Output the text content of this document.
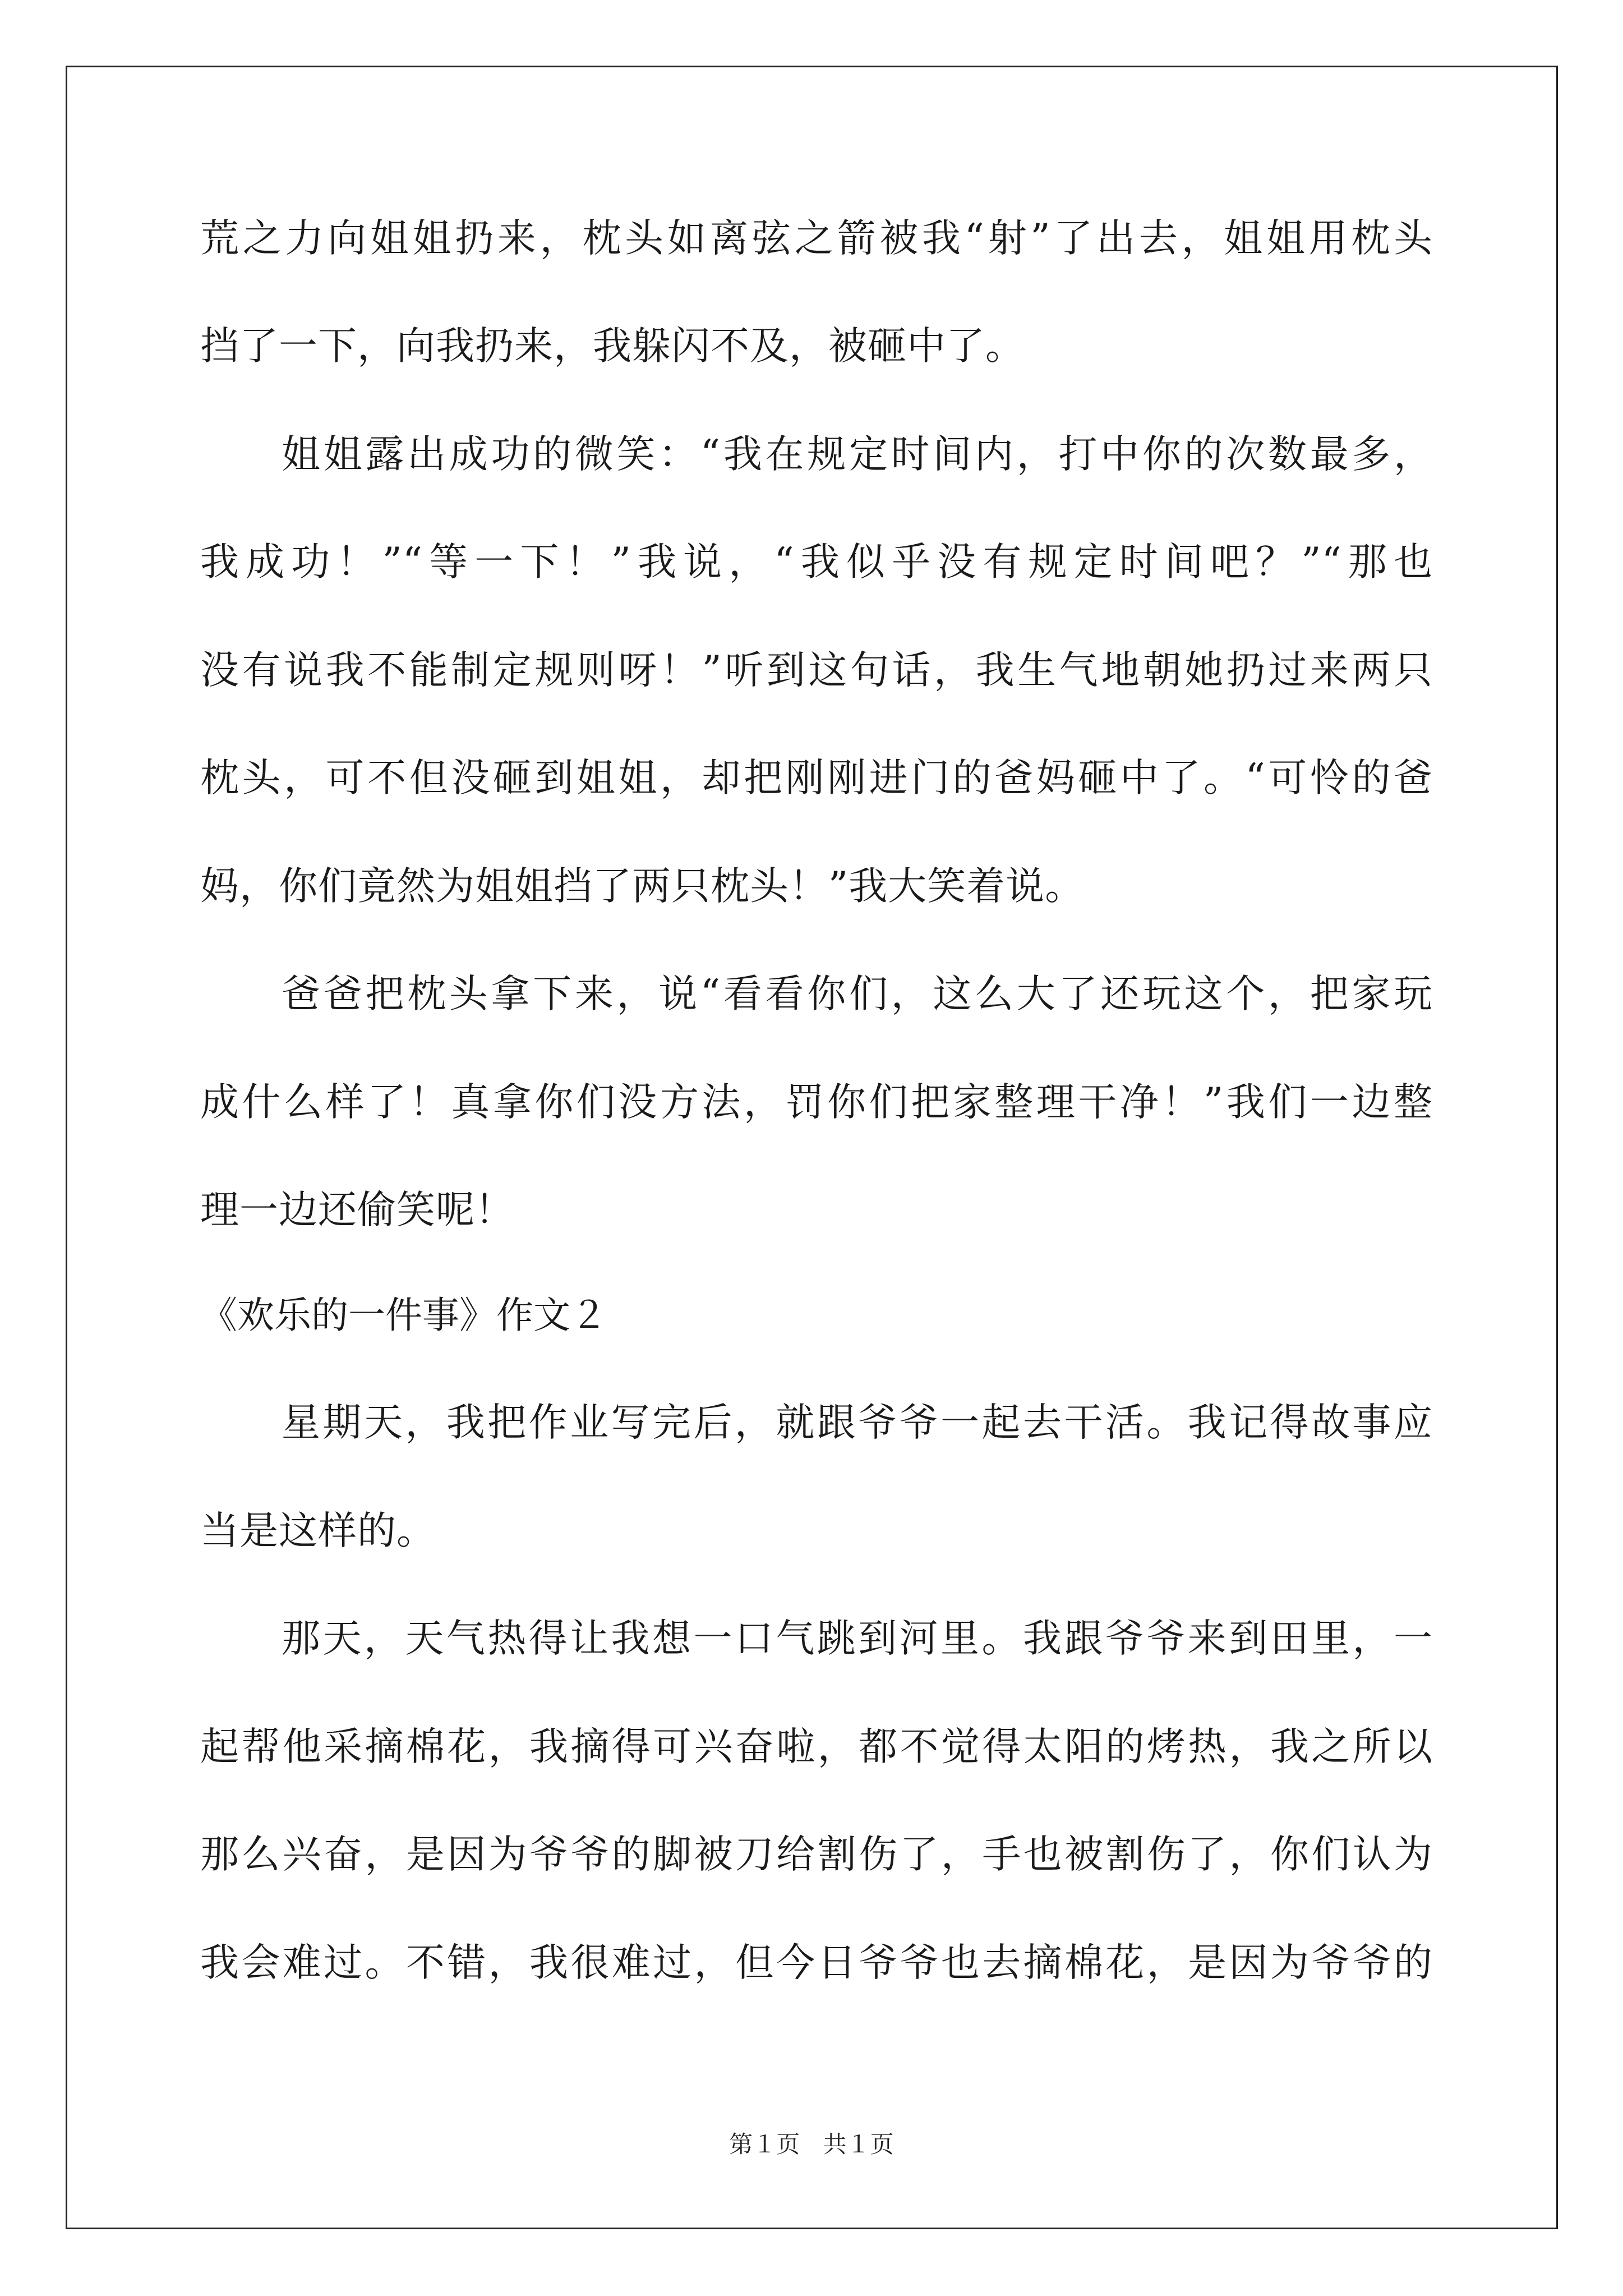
荒之力向姐姐扔来，枕头如离弦之箭被我“射”了出去，姐姐用枕头
挡了一下，向我扔来，我躲闪不及，被砸中了。
姐姐露出成功的微笑：“我在规定时间内，打中你的次数最多，
我成功！”“等一下！”我说，“我似乎没有规定时间吧？”“那也
没有说我不能制定规则呀！”听到这句话，我生气地朝她扔过来两只
枕头，可不但没砸到姐姐，却把刚刚进门的爸妈砸中了。“可怜的爸
妈，你们竟然为姐姐挡了两只枕头！”我大笑着说。
爸爸把枕头拿下来，说“看看你们，这么大了还玩这个，把家玩
成什么样了！真拿你们没方法，罚你们把家整理干净！”我们一边整
理一边还偷笑呢！
《欢乐的一件事》作文２
星期天，我把作业写完后，就跟爷爷一起去干活。我记得故事应
当是这样的。
那天，天气热得让我想一口气跳到河里。我跟爷爷来到田里，一
起帮他采摘棉花，我摘得可兴奋啦，都不觉得太阳的烤热，我之所以
那么兴奋，是因为爷爷的脚被刀给割伤了，手也被割伤了，你们认为
我会难过。不错，我很难过，但今日爷爷也去摘棉花，是因为爷爷的
第１页 共１页
